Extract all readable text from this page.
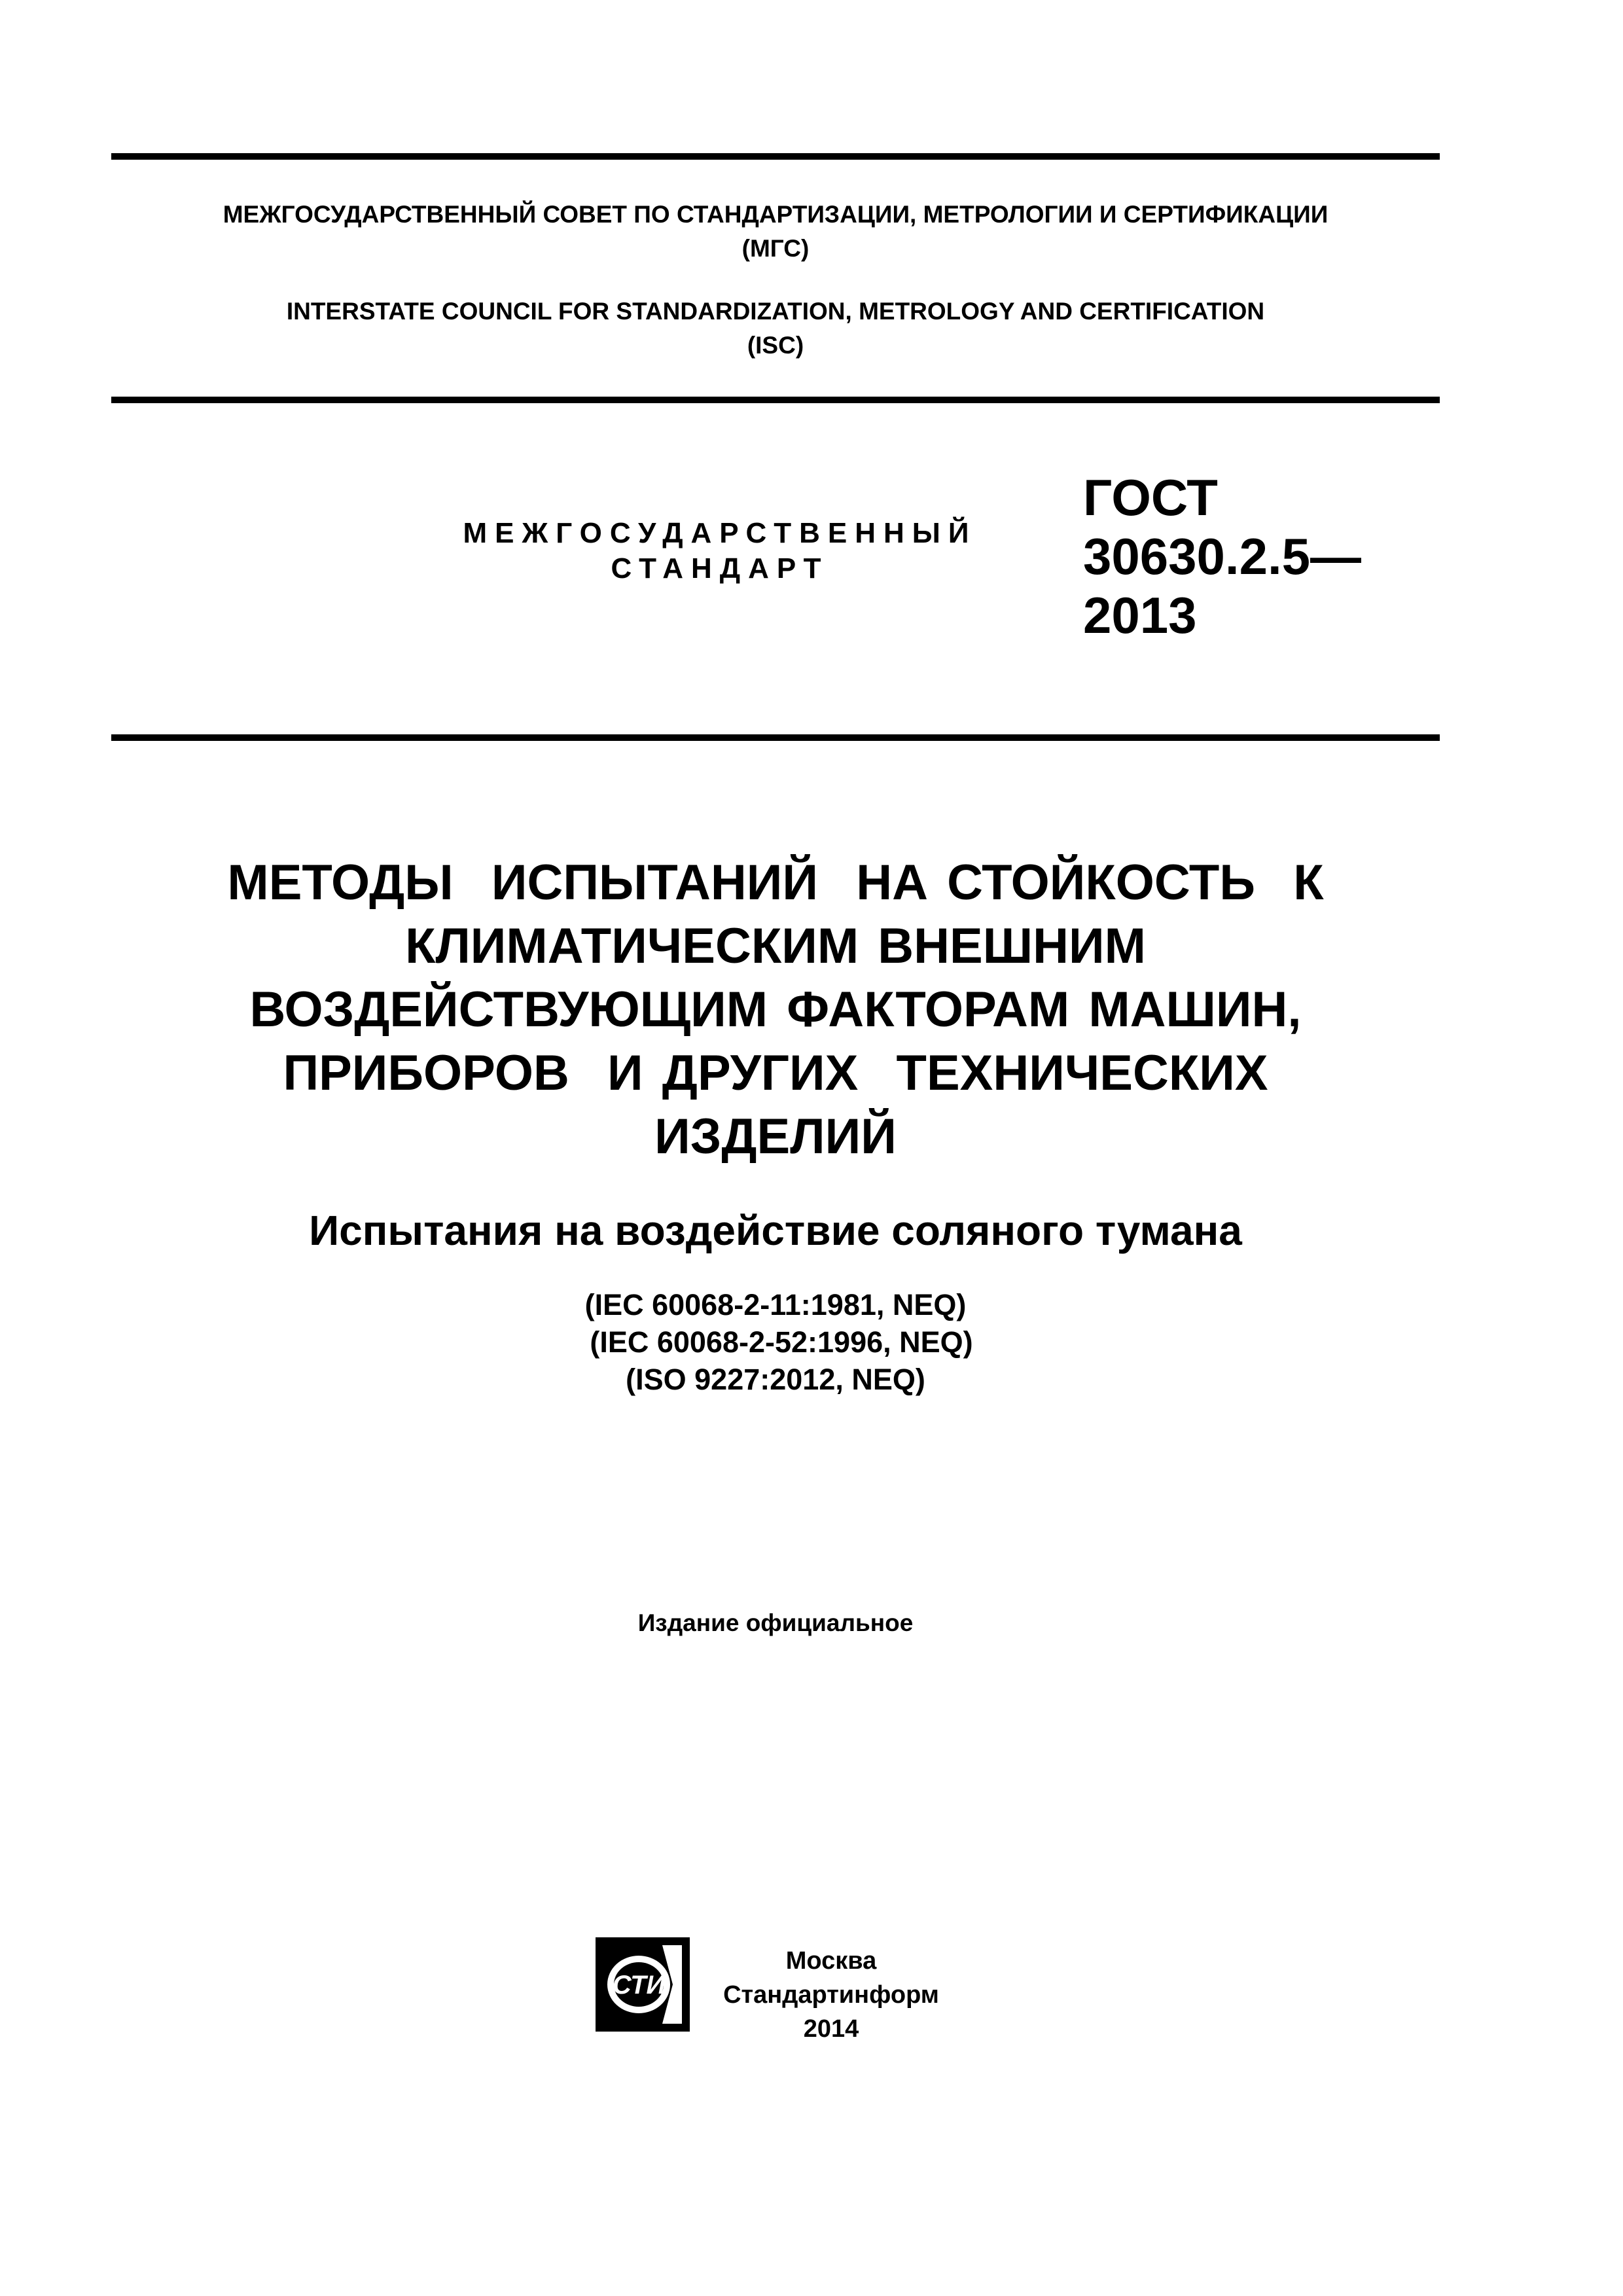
МЕЖГОСУДАРСТВЕННЫЙ СОВЕТ ПО СТАНДАРТИЗАЦИИ, МЕТРОЛОГИИ И СЕРТИФИКАЦИИ
(МГС)
INTERSTATE COUNCIL FOR STANDARDIZATION, METROLOGY AND CERTIFICATION
(ISC)
МЕЖГОСУДАРСТВЕННЫЙ
СТАНДАРТ
ГОСТ
30630.2.5—
2013
МЕТОДЫ  ИСПЫТАНИЙ  НА СТОЙКОСТЬ  К
КЛИМАТИЧЕСКИМ ВНЕШНИМ
ВОЗДЕЙСТВУЮЩИМ ФАКТОРАМ МАШИН,
ПРИБОРОВ  И ДРУГИХ  ТЕХНИЧЕСКИХ
ИЗДЕЛИЙ
Испытания на воздействие соляного тумана
(IEC 60068-2-11:1981, NEQ)
(IEC 60068-2-52:1996, NEQ)
(ISO 9227:2012, NEQ)
Издание официальное
СТИ
Москва
Стандартинформ
2014
